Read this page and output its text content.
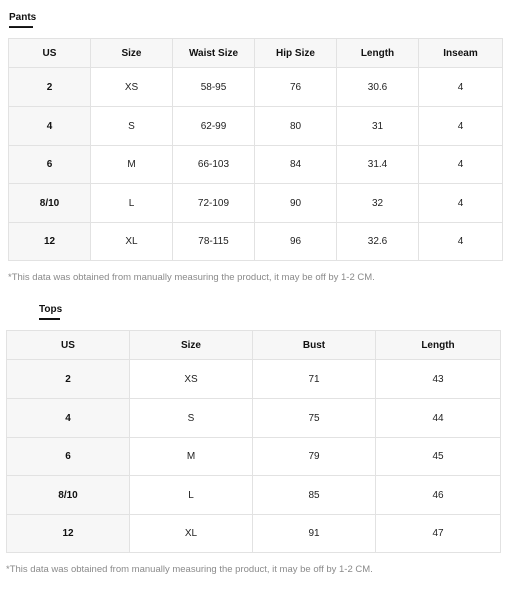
Pants
US	Size	Waist Size	Hip Size	Length	Inseam
2	XS	58-95	76	30.6	4
4	S	62-99	80	31	4
6	M	66-103	84	31.4	4
8/10	L	72-109	90	32	4
12	XL	78-115	96	32.6	4
*This data was obtained from manually measuring the product, it may be off by 1-2 CM.
Tops
US	Size	Bust	Length
2	XS	71	43
4	S	75	44
6	M	79	45
8/10	L	85	46
12	XL	91	47
*This data was obtained from manually measuring the product, it may be off by 1-2 CM.
